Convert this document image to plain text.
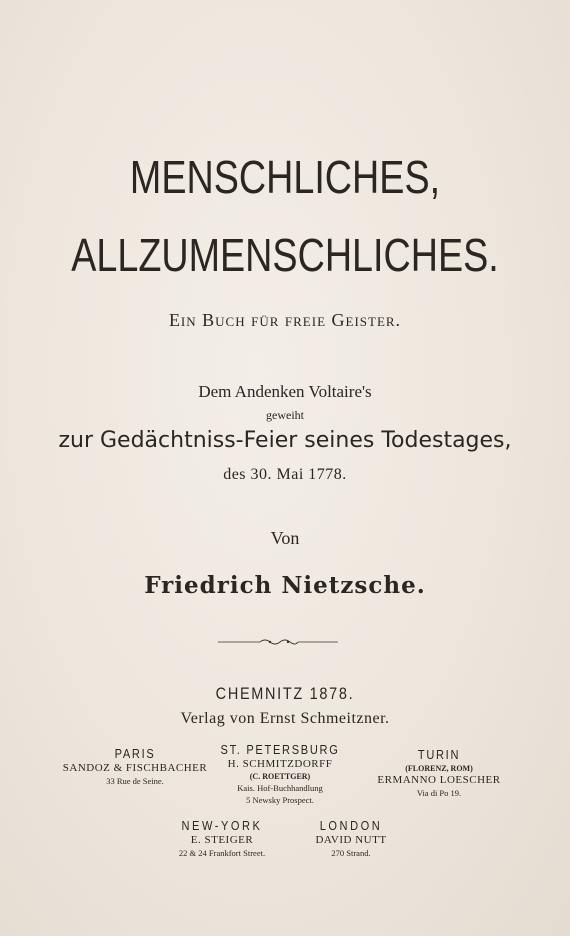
MENSCHLICHES,
ALLZUMENSCHLICHES.
Ein Buch für freie Geister.
Dem Andenken Voltaire's
geweiht
zur Gedächtniss-Feier seines Todestages,
des 30. Mai 1778.
Von
Friedrich Nietzsche.
CHEMNITZ 1878.
Verlag von Ernst Schmeitzner.
PARIS
SANDOZ & FISCHBACHER
33 Rue de Seine.
ST. PETERSBURG
H. SCHMITZDORFF
(C. ROETTGER)
Kais. Hof-Buchhandlung
5 Newsky Prospect.
TURIN
(FLORENZ, ROM)
ERMANNO LOESCHER
Via di Po 19.
NEW-YORK
E. STEIGER
22 & 24 Frankfort Street.
LONDON
DAVID NUTT
270 Strand.
